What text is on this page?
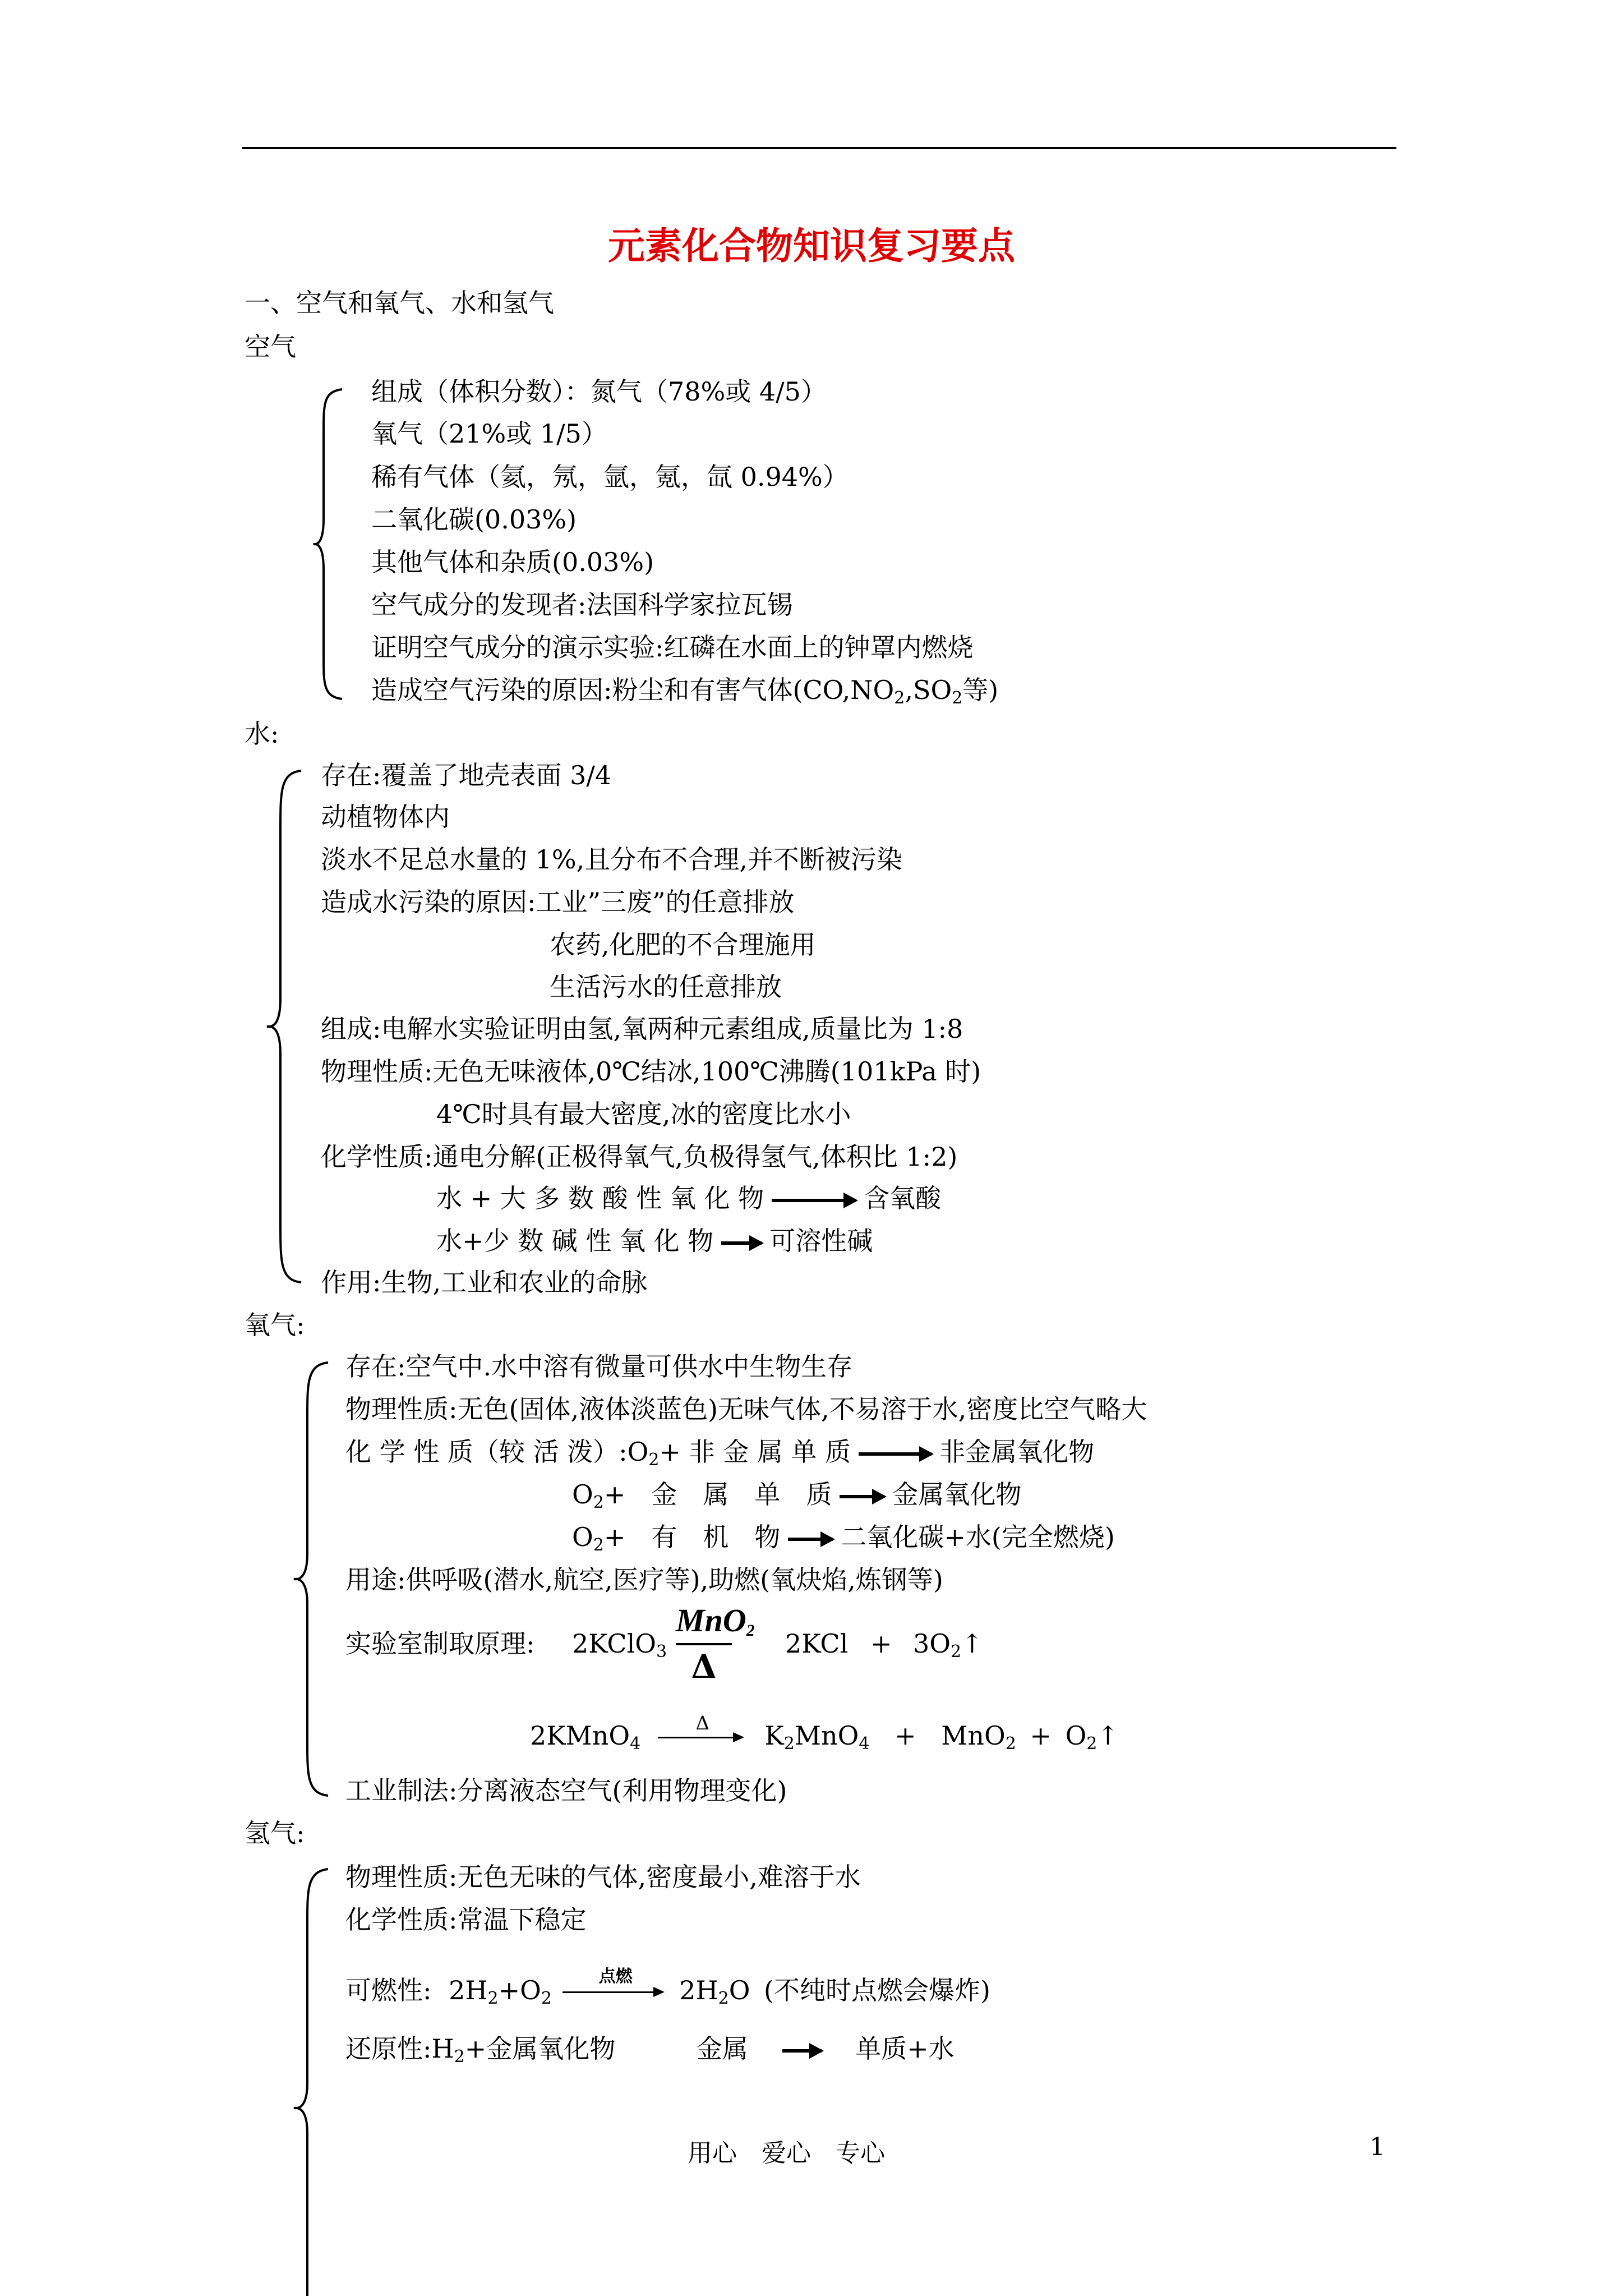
元素化合物知识复习要点
一、空气和氧气、水和氢气
空气
组成（体积分数）：氮气（78%或 4/5）
氧气（21%或 1/5）
稀有气体（氦，氖，氩，氪，氙 0.94%）
二氧化碳(0.03%)
其他气体和杂质(0.03%)
空气成分的发现者:法国科学家拉瓦锡
证明空气成分的演示实验:红磷在水面上的钟罩内燃烧
造成空气污染的原因:粉尘和有害气体($CO,NO_2,SO_2$等)
水:
存在:覆盖了地壳表面 3/4
动植物体内
淡水不足总水量的 1%,且分布不合理,并不断被污染
造成水污染的原因:工业”三废”的任意排放
农药,化肥的不合理施用
生活污水的任意排放
组成:电解水实验证明由氢,氧两种元素组成,质量比为 1:8
物理性质:无色无味液体,0℃结冰,100℃沸腾(101kPa 时)
4℃时具有最大密度,冰的密度比水小
化学性质:通电分解(正极得氧气,负极得氢气,体积比 1:2)
水 + 大 多 数 酸 性 氧 化 物	含氧酸
水+少 数 碱 性 氧 化 物 可溶性碱
作用:生物,工业和农业的命脉
氧气:
存在:空气中.水中溶有微量可供水中生物生存
物理性质:无色(固体,液体淡蓝色)无味气体,不易溶于水,密度比空气略大
化 学 性 质（较 活 泼）$:O_2+$ 非 金 属 单 质	非金属氧化物
$O_2+$　金　属　单　质 金属氧化物
$O_2+$　有　机　物 二氧化碳+水(完全燃烧)
用途:供呼吸(潜水,航空,医疗等),助燃(氧炔焰,炼钢等)
实验室制取原理: 2KClO$_3$
MnO$_2$
Δ
$2KCl + 3O_2↑$
2KMnO$_4$
Δ	$K_2MnO_4 + MnO_2$ + $O_2↑$
工业制法:分离液态空气(利用物理变化)
氢气:
物理性质:无色无味的气体,密度最小,难溶于水
化学性质:常温下稳定
可燃性: $2H_2+O_2$
点燃	$2H_2O$ (不纯时点燃会爆炸)
还原性$:H_2+$金属氧化物	金属	单质+水
用心　爱心　专心	1
